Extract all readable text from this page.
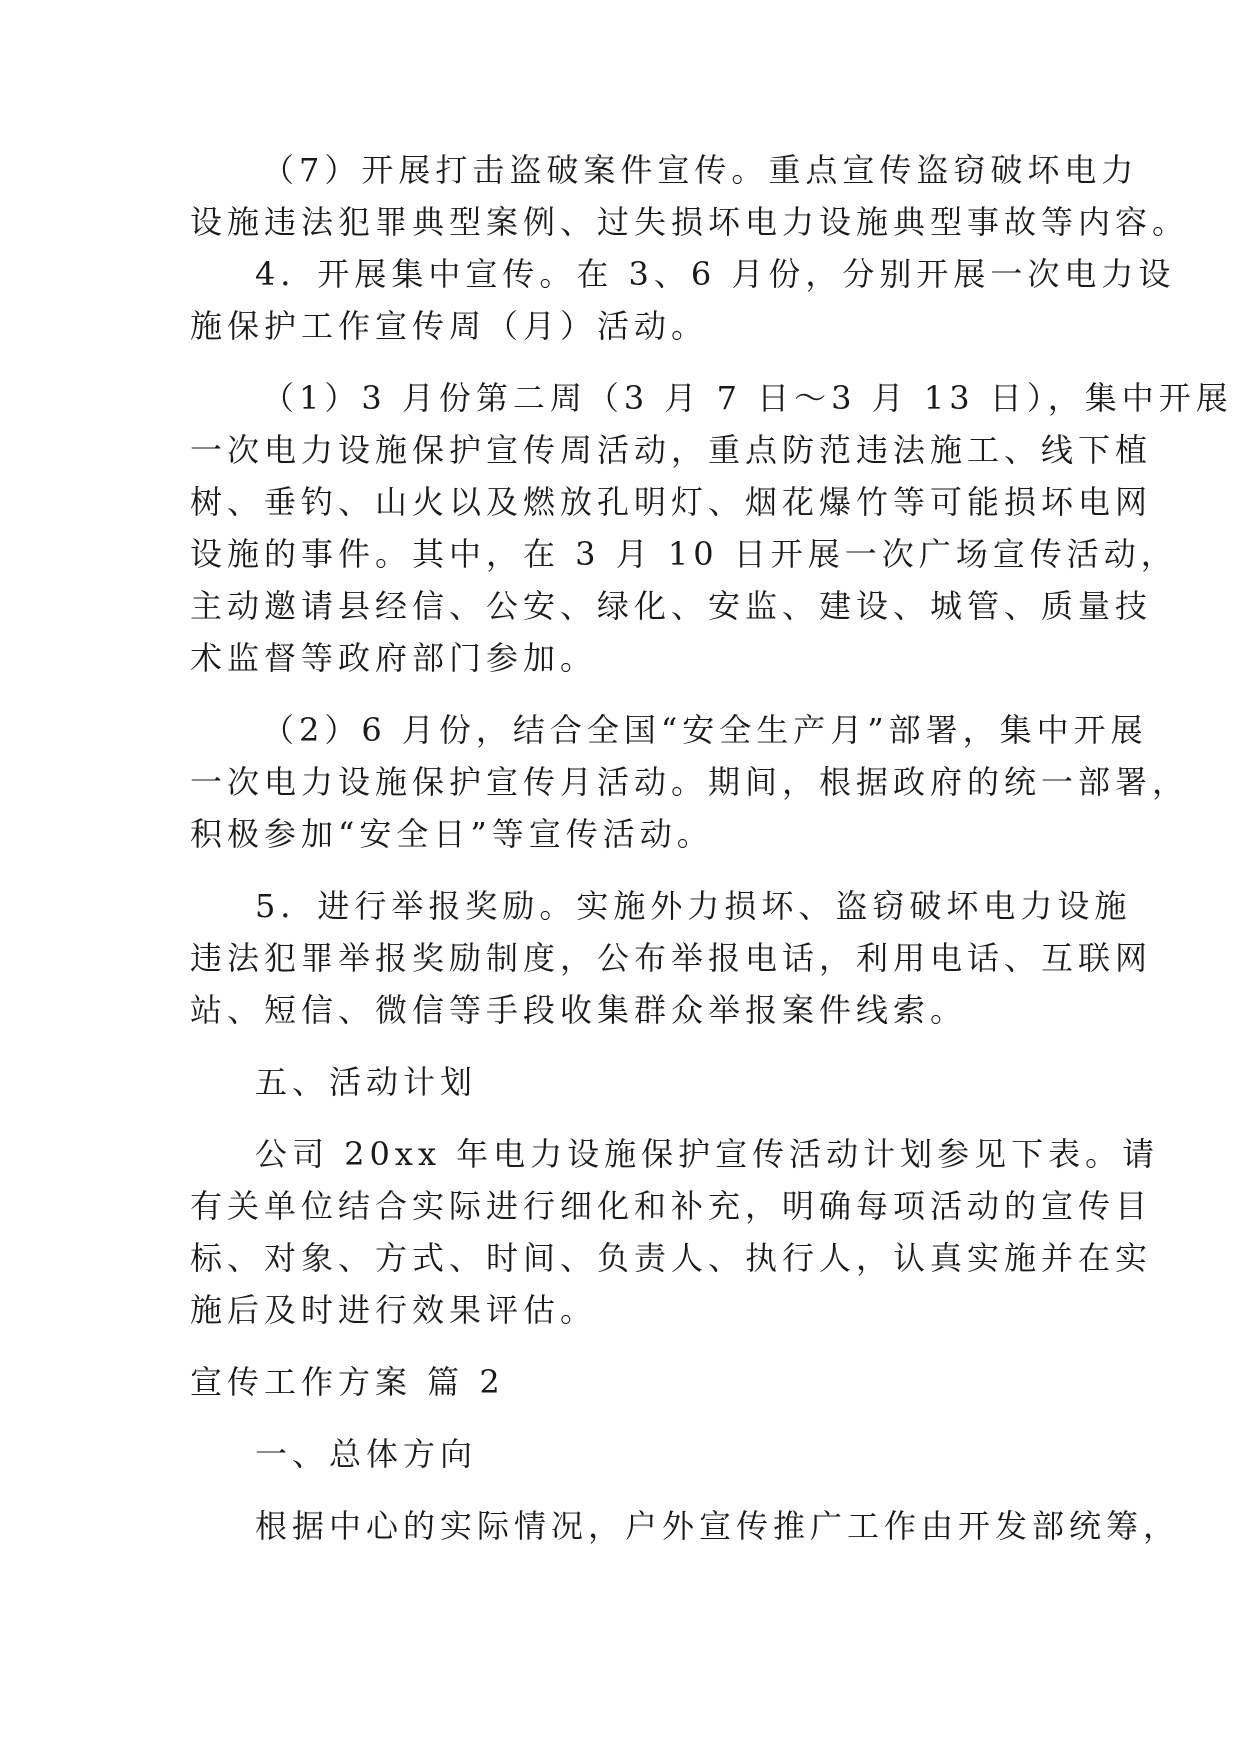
（7）开展打击盗破案件宣传。重点宣传盗窃破坏电力
设施违法犯罪典型案例、过失损坏电力设施典型事故等内容。
4．开展集中宣传。在 3、6 月份，分别开展一次电力设
施保护工作宣传周（月）活动。
（1）3 月份第二周（3 月 7 日～3 月 13 日），集中开展
一次电力设施保护宣传周活动，重点防范违法施工、线下植
树、垂钓、山火以及燃放孔明灯、烟花爆竹等可能损坏电网
设施的事件。其中，在 3 月 10 日开展一次广场宣传活动，
主动邀请县经信、公安、绿化、安监、建设、城管、质量技
术监督等政府部门参加。
（2）6 月份，结合全国“安全生产月”部署，集中开展
一次电力设施保护宣传月活动。期间，根据政府的统一部署，
积极参加“安全日”等宣传活动。
5．进行举报奖励。实施外力损坏、盗窃破坏电力设施
违法犯罪举报奖励制度，公布举报电话，利用电话、互联网
站、短信、微信等手段收集群众举报案件线索。
五、活动计划
公司 20xx 年电力设施保护宣传活动计划参见下表。请
有关单位结合实际进行细化和补充，明确每项活动的宣传目
标、对象、方式、时间、负责人、执行人，认真实施并在实
施后及时进行效果评估。
宣传工作方案 篇 2
一、总体方向
根据中心的实际情况，户外宣传推广工作由开发部统筹，
